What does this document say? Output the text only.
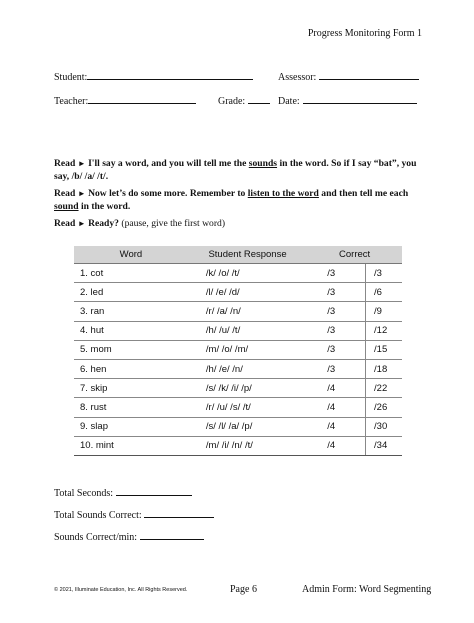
Progress Monitoring Form 1
Student:	Assessor:
Teacher:	Grade:	Date:
Read ► I'll say a word, and you will tell me the sounds in the word. So if I say “bat”, you say, /b/ /a/ /t/.
Read ► Now let’s do some more. Remember to listen to the word and then tell me each sound in the word.
Read ► Ready? (pause, give the first word)
Word	Student Response	Correct	
1. cot	/k/ /o/ /t/	/3	/3
2. led	/l/ /e/ /d/	/3	/6
3. ran	/r/ /a/ /n/	/3	/9
4. hut	/h/ /u/ /t/	/3	/12
5. mom	/m/ /o/ /m/	/3	/15
6. hen	/h/ /e/ /n/	/3	/18
7. skip	/s/ /k/ /i/ /p/	/4	/22
8. rust	/r/ /u/ /s/ /t/	/4	/26
9. slap	/s/ /l/ /a/ /p/	/4	/30
10. mint	/m/ /i/ /n/ /t/	/4	/34
Total Seconds:
Total Sounds Correct:
Sounds Correct/min:
© 2021, Illuminate Education, Inc. All Rights Reserved.	Page 6	Admin Form: Word Segmenting
